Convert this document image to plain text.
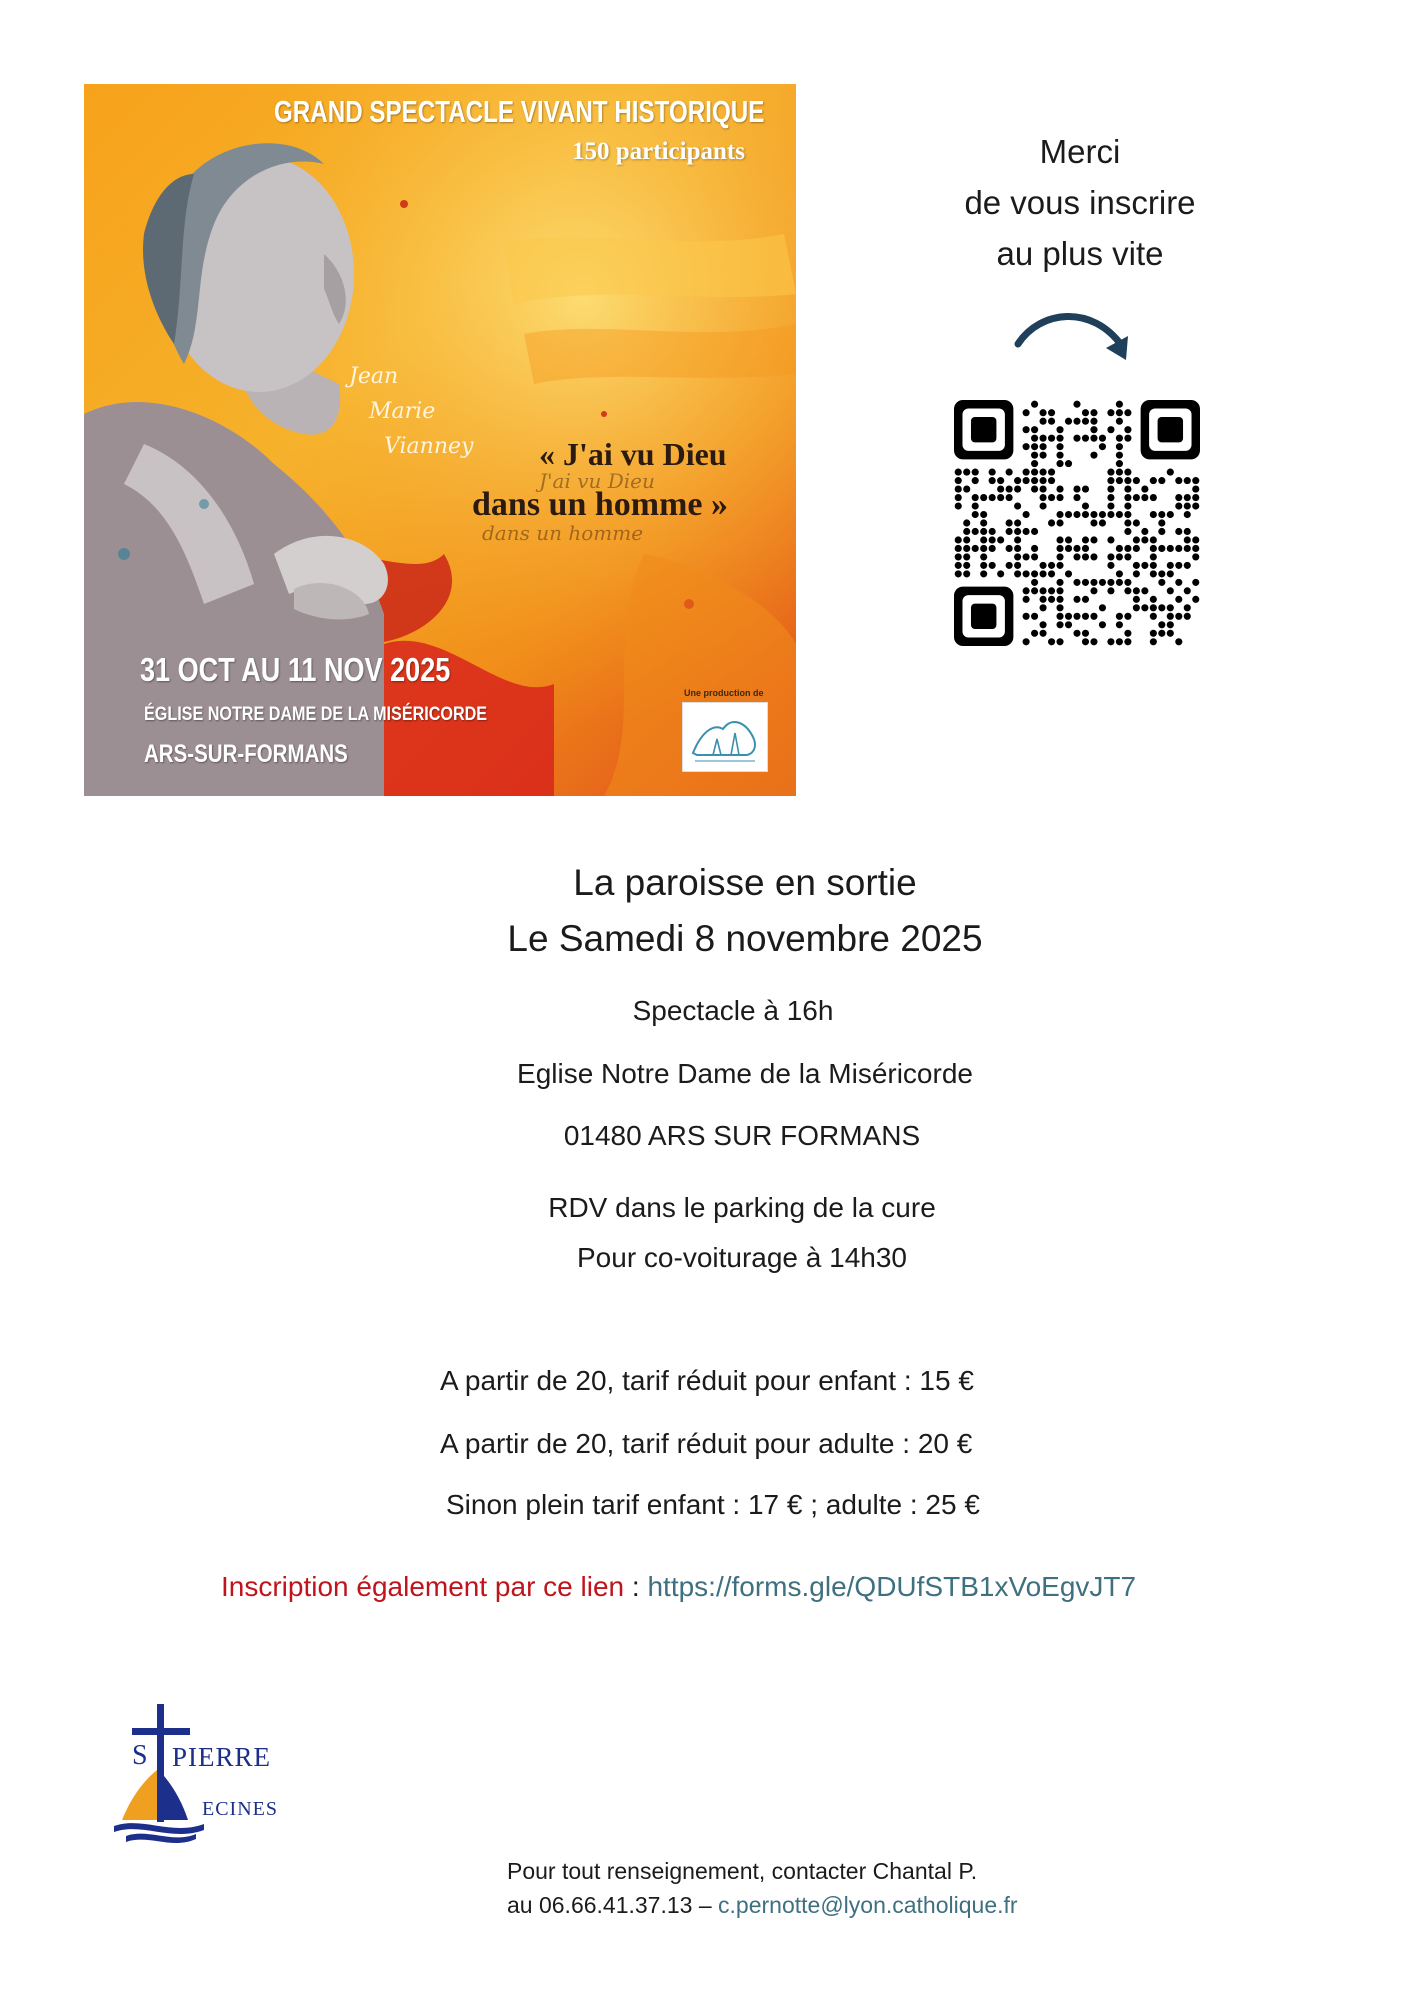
GRAND SPECTACLE VIVANT HISTORIQUE
150 participants
Jean
Marie
Vianney « J'ai vu Dieu
J'ai vu Dieu
dans un homme »
dans un homme
31 OCT AU 11 NOV 2025
ÉGLISE NOTRE DAME DE LA MISÉRICORDE
ARS-SUR-FORMANS
Une production de
Merci
de vous inscrire
au plus vite
La paroisse en sortie
Le Samedi 8 novembre 2025
Spectacle à 16h
Eglise Notre Dame de la Miséricorde
01480 ARS SUR FORMANS
RDV dans le parking de la cure
Pour co-voiturage à 14h30
A partir de 20, tarif réduit pour enfant : 15 €
A partir de 20, tarif réduit pour adulte : 20 €
Sinon plein tarif enfant : 17 € ; adulte : 25 €
Inscription également par ce lien : https://forms.gle/QDUfSTB1xVoEgvJT7
S PIERRE
ECINES
Pour tout renseignement, contacter Chantal P.
au 06.66.41.37.13 – c.pernotte@lyon.catholique.fr
